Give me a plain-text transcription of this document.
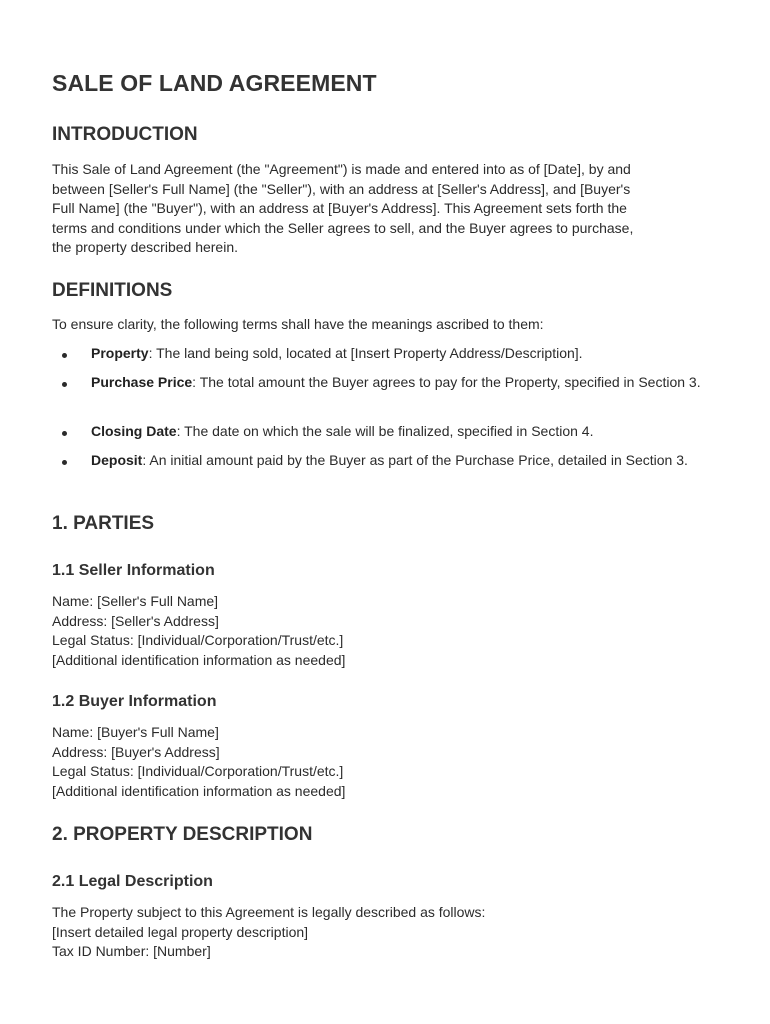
SALE OF LAND AGREEMENT
INTRODUCTION
This Sale of Land Agreement (the "Agreement") is made and entered into as of [Date], by and
between [Seller's Full Name] (the "Seller"), with an address at [Seller's Address], and [Buyer's
Full Name] (the "Buyer"), with an address at [Buyer's Address]. This Agreement sets forth the
terms and conditions under which the Seller agrees to sell, and the Buyer agrees to purchase,
the property described herein.
DEFINITIONS

To ensure clarity, the following terms shall have the meanings ascribed to them:

Property: The land being sold, located at [Insert Property Address/Description].
Purchase Price: The total amount the Buyer agrees to pay for the Property, specified in Section 3.
Closing Date: The date on which the sale will be finalized, specified in Section 4.
Deposit: An initial amount paid by the Buyer as part of the Purchase Price, detailed in Section 3.
1. PARTIES
1.1 Seller Information
Name: [Seller's Full Name]
Address: [Seller's Address]
Legal Status: [Individual/Corporation/Trust/etc.]
[Additional identification information as needed]
1.2 Buyer Information
Name: [Buyer's Full Name]
Address: [Buyer's Address]
Legal Status: [Individual/Corporation/Trust/etc.]
[Additional identification information as needed]
2. PROPERTY DESCRIPTION
2.1 Legal Description
The Property subject to this Agreement is legally described as follows:
[Insert detailed legal property description]
Tax ID Number: [Number]
